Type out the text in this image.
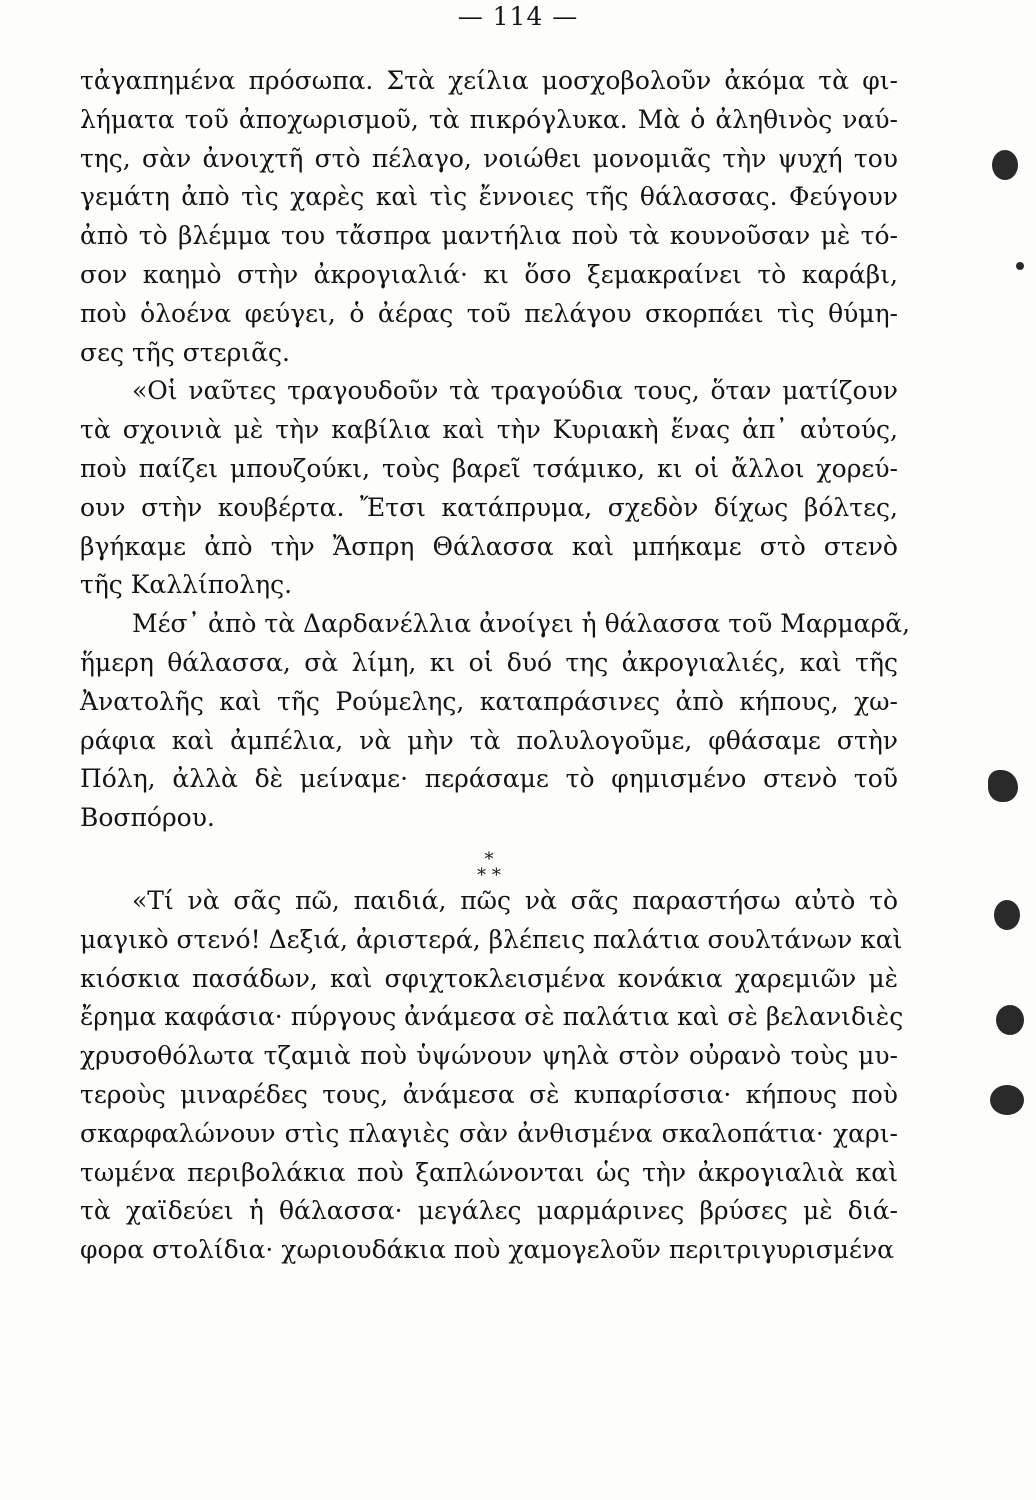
— 114 —
τἀγαπημένα πρόσωπα. Στὰ χείλια μοσχοβολοῦν ἀκόμα τὰ φι-
λήματα τοῦ ἀποχωρισμοῦ, τὰ πικρόγλυκα. Μὰ ὁ ἀληθινὸς ναύ-
της, σὰν ἀνοιχτῆ στὸ πέλαγο, νοιώθει μονομιᾶς τὴν ψυχή του
γεμάτη ἀπὸ τὶς χαρὲς καὶ τὶς ἔννοιες τῆς θάλασσας. Φεύγουν
ἀπὸ τὸ βλέμμα του τἄσπρα μαντήλια ποὺ τὰ κουνοῦσαν μὲ τό-
σον καημὸ στὴν ἀκρογιαλιά· κι ὅσο ξεμακραίνει τὸ καράβι,
ποὺ ὁλοένα φεύγει, ὁ ἀέρας τοῦ πελάγου σκορπάει τὶς θύμη-
σες τῆς στεριᾶς.
«Οἱ ναῦτες τραγουδοῦν τὰ τραγούδια τους, ὅταν ματίζουν
τὰ σχοινιὰ μὲ τὴν καβίλια καὶ τὴν Κυριακὴ ἕνας ἀπ᾽ αὐτούς,
ποὺ παίζει μπουζούκι, τοὺς βαρεῖ τσάμικο, κι οἱ ἄλλοι χορεύ-
ουν στὴν κουβέρτα. Ἔτσι κατάπρυμα, σχεδὸν δίχως βόλτες,
βγήκαμε ἀπὸ τὴν Ἄσπρη Θάλασσα καὶ μπήκαμε στὸ στενὸ
τῆς Καλλίπολης.
Μέσ᾽ ἀπὸ τὰ Δαρδανέλλια ἀνοίγει ἡ θάλασσα τοῦ Μαρμαρᾶ,
ἥμερη θάλασσα, σὰ λίμη, κι οἱ δυό της ἀκρογιαλιές, καὶ τῆς
Ἀνατολῆς καὶ τῆς Ρούμελης, καταπράσινες ἀπὸ κήπους, χω-
ράφια καὶ ἀμπέλια, νὰ μὴν τὰ πολυλογοῦμε, φθάσαμε στὴν
Πόλη, ἀλλὰ δὲ μείναμε· περάσαμε τὸ φημισμένο στενὸ τοῦ
Βοσπόρου.
*
* *
«Τί νὰ σᾶς πῶ, παιδιά, πῶς νὰ σᾶς παραστήσω αὐτὸ τὸ
μαγικὸ στενό! Δεξιά, ἀριστερά, βλέπεις παλάτια σουλτάνων καὶ
κιόσκια πασάδων, καὶ σφιχτοκλεισμένα κονάκια χαρεμιῶν μὲ
ἔρημα καφάσια· πύργους ἀνάμεσα σὲ παλάτια καὶ σὲ βελανιδιὲς
χρυσοθόλωτα τζαμιὰ ποὺ ὑψώνουν ψηλὰ στὸν οὐρανὸ τοὺς μυ-
τεροὺς μιναρέδες τους, ἀνάμεσα σὲ κυπαρίσσια· κήπους ποὺ
σκαρφαλώνουν στὶς πλαγιὲς σὰν ἀνθισμένα σκαλοπάτια· χαρι-
τωμένα περιβολάκια ποὺ ξαπλώνονται ὡς τὴν ἀκρογιαλιὰ καὶ
τὰ χαϊδεύει ἡ θάλασσα· μεγάλες μαρμάρινες βρύσες μὲ διά-
φορα στολίδια· χωριουδάκια ποὺ χαμογελοῦν περιτριγυρισμένα
